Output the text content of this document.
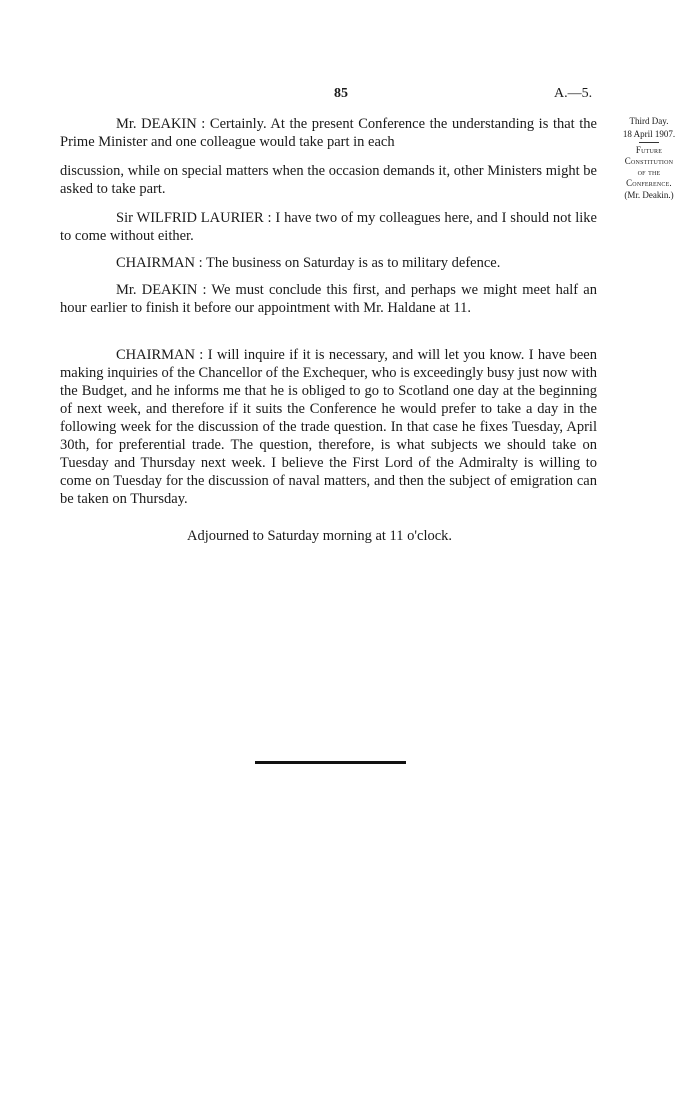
85	A.—5.
Third Day.
18 April 1907.
Future
Constitution
of the
Conference.
(Mr. Deakin.)

Mr. DEAKIN : Certainly. At the present Conference the understanding is that the Prime Minister and one colleague would take part in each

discussion, while on special matters when the occasion demands it, other Ministers might be asked to take part.

Sir WILFRID LAURIER : I have two of my colleagues here, and I should not like to come without either.

CHAIRMAN : The business on Saturday is as to military defence.

Mr. DEAKIN : We must conclude this first, and perhaps we might meet half an hour earlier to finish it before our appointment with Mr. Haldane at 11.

CHAIRMAN : I will inquire if it is necessary, and will let you know. I have been making inquiries of the Chancellor of the Exchequer, who is exceedingly busy just now with the Budget, and he informs me that he is obliged to go to Scotland one day at the beginning of next week, and therefore if it suits the Conference he would prefer to take a day in the following week for the discussion of the trade question. In that case he fixes Tuesday, April 30th, for preferential trade. The question, therefore, is what subjects we should take on Tuesday and Thursday next week. I believe the First Lord of the Admiralty is willing to come on Tuesday for the discussion of naval matters, and then the subject of emigration can be taken on Thursday.

Adjourned to Saturday morning at 11 o'clock.
